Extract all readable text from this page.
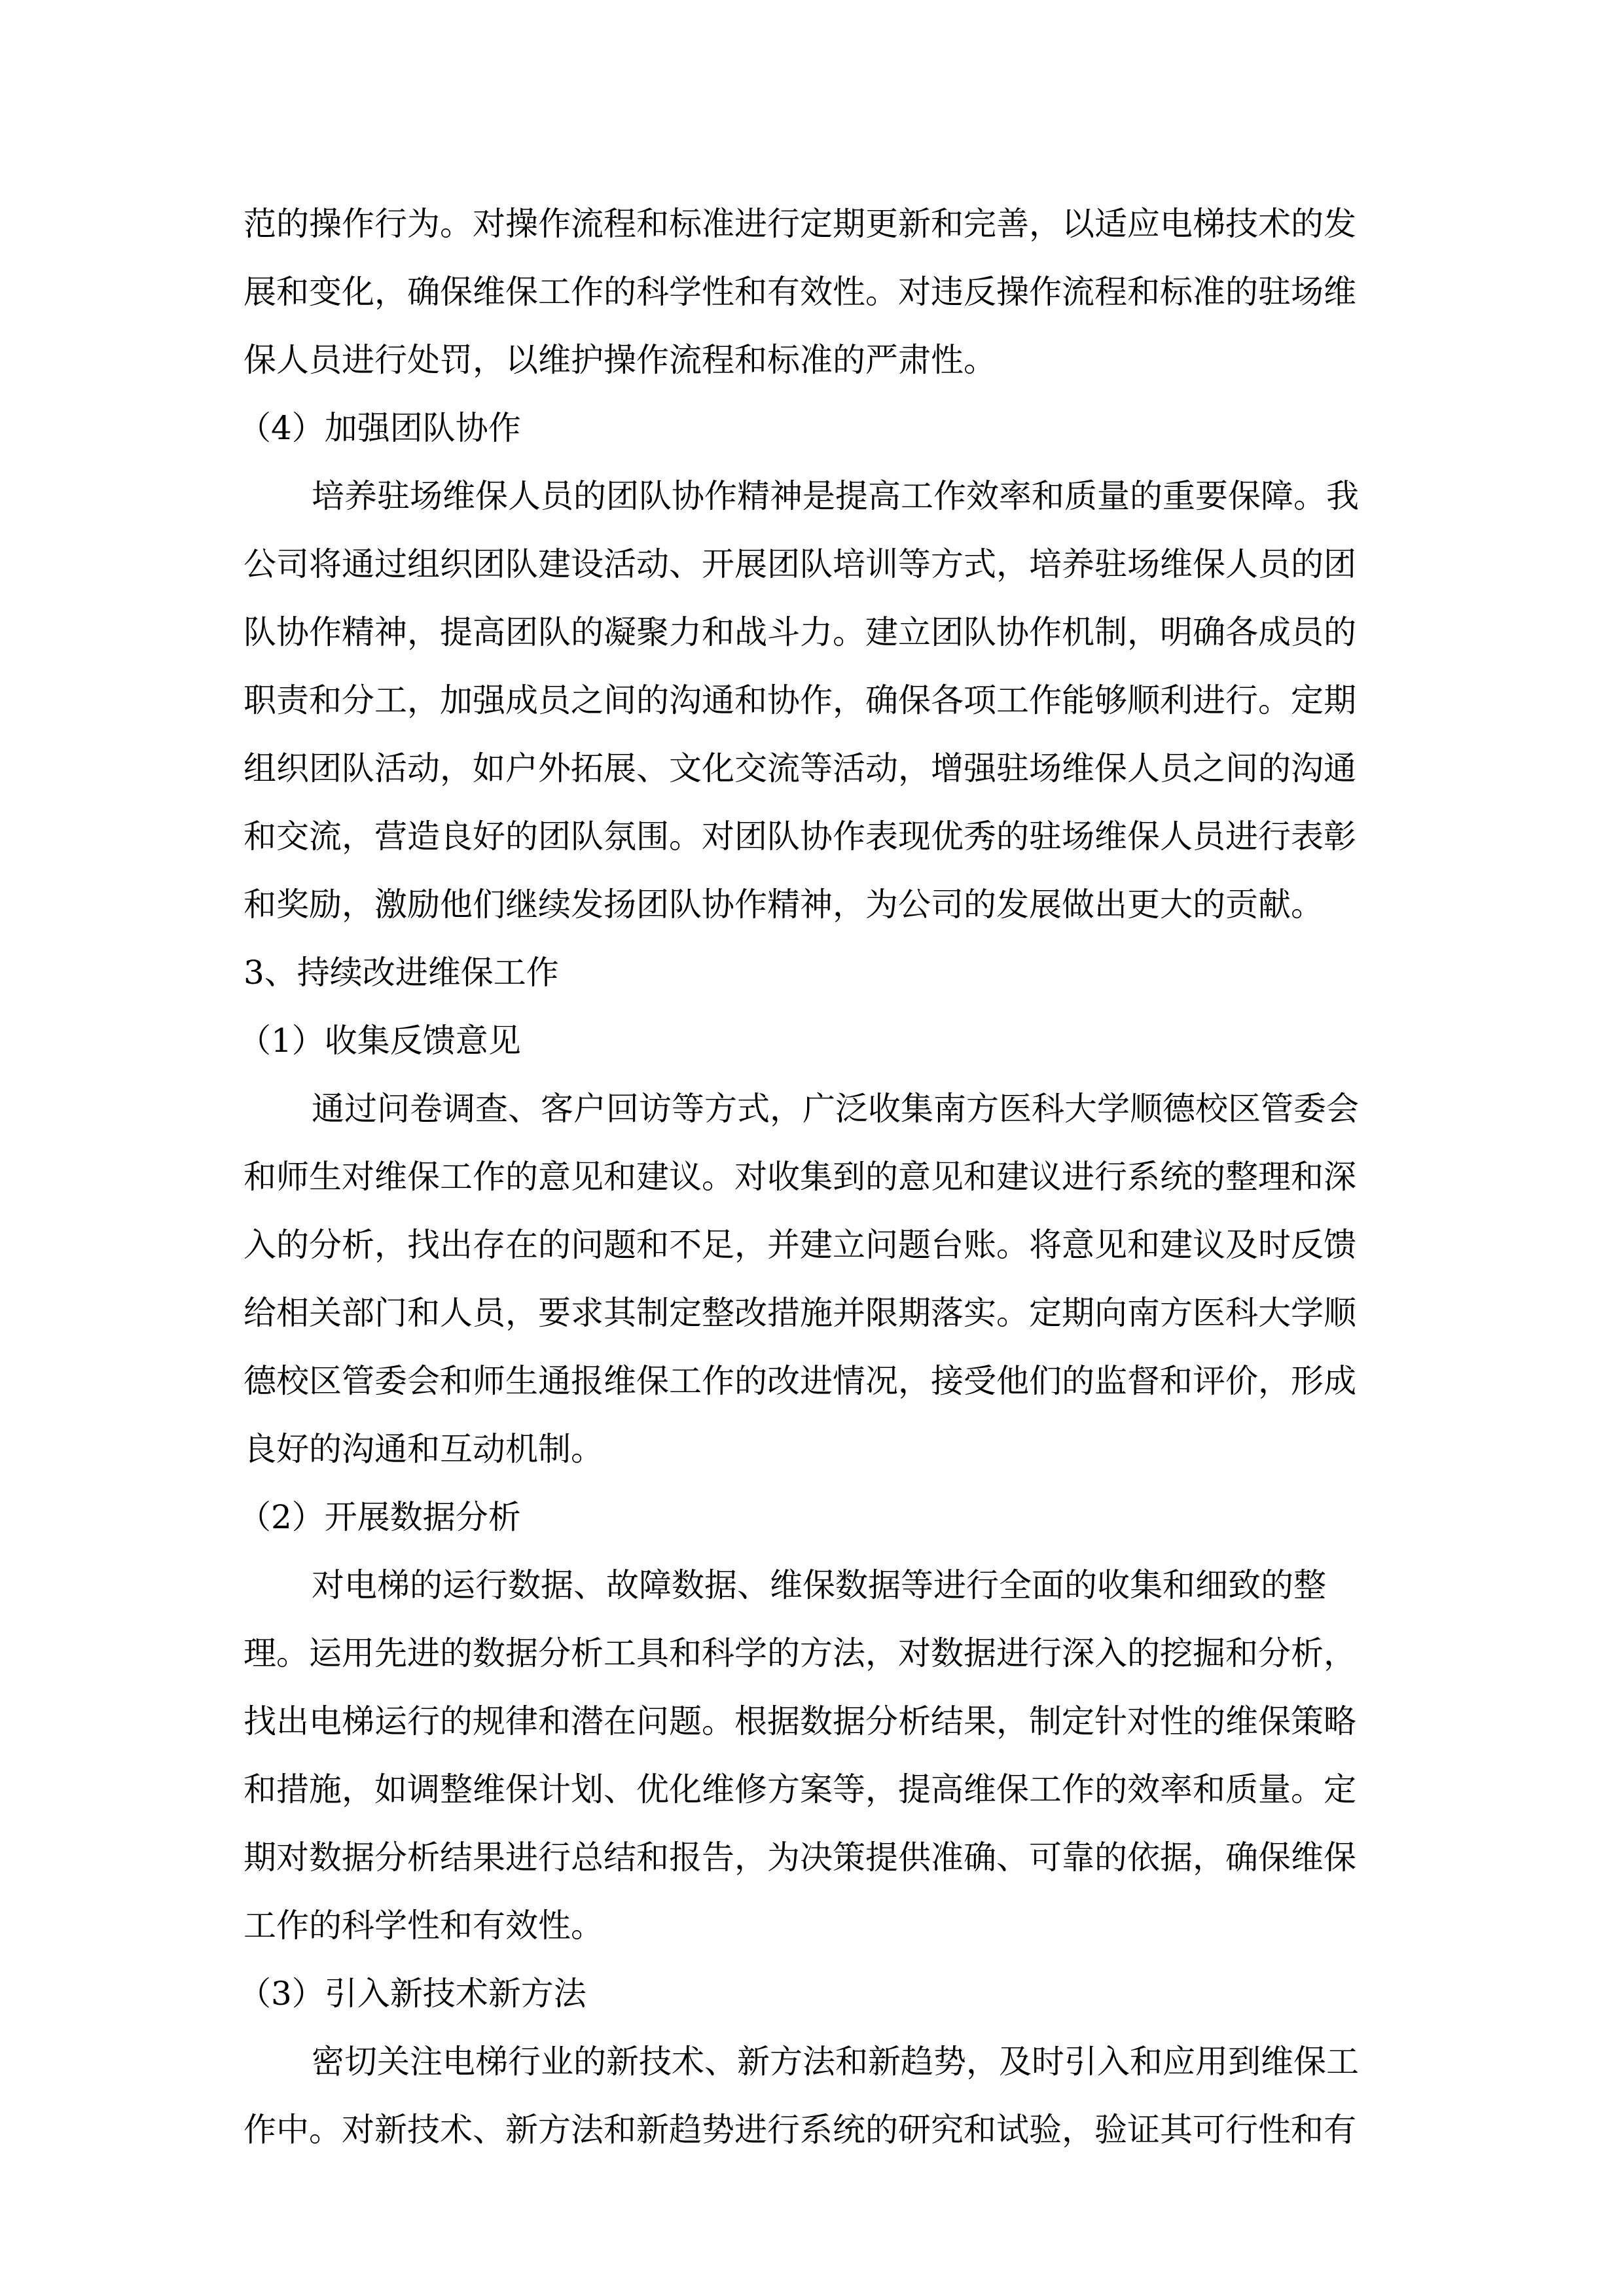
范的操作行为。对操作流程和标准进行定期更新和完善，以适应电梯技术的发
展和变化，确保维保工作的科学性和有效性。对违反操作流程和标准的驻场维
保人员进行处罚，以维护操作流程和标准的严肃性。
（4）加强团队协作
培养驻场维保人员的团队协作精神是提高工作效率和质量的重要保障。我
公司将通过组织团队建设活动、开展团队培训等方式，培养驻场维保人员的团
队协作精神，提高团队的凝聚力和战斗力。建立团队协作机制，明确各成员的
职责和分工，加强成员之间的沟通和协作，确保各项工作能够顺利进行。定期
组织团队活动，如户外拓展、文化交流等活动，增强驻场维保人员之间的沟通
和交流，营造良好的团队氛围。对团队协作表现优秀的驻场维保人员进行表彰
和奖励，激励他们继续发扬团队协作精神，为公司的发展做出更大的贡献。
3、持续改进维保工作
（1）收集反馈意见
通过问卷调查、客户回访等方式，广泛收集南方医科大学顺德校区管委会
和师生对维保工作的意见和建议。对收集到的意见和建议进行系统的整理和深
入的分析，找出存在的问题和不足，并建立问题台账。将意见和建议及时反馈
给相关部门和人员，要求其制定整改措施并限期落实。定期向南方医科大学顺
德校区管委会和师生通报维保工作的改进情况，接受他们的监督和评价，形成
良好的沟通和互动机制。
（2）开展数据分析
对电梯的运行数据、故障数据、维保数据等进行全面的收集和细致的整
理。运用先进的数据分析工具和科学的方法，对数据进行深入的挖掘和分析，
找出电梯运行的规律和潜在问题。根据数据分析结果，制定针对性的维保策略
和措施，如调整维保计划、优化维修方案等，提高维保工作的效率和质量。定
期对数据分析结果进行总结和报告，为决策提供准确、可靠的依据，确保维保
工作的科学性和有效性。
（3）引入新技术新方法
密切关注电梯行业的新技术、新方法和新趋势，及时引入和应用到维保工
作中。对新技术、新方法和新趋势进行系统的研究和试验，验证其可行性和有
